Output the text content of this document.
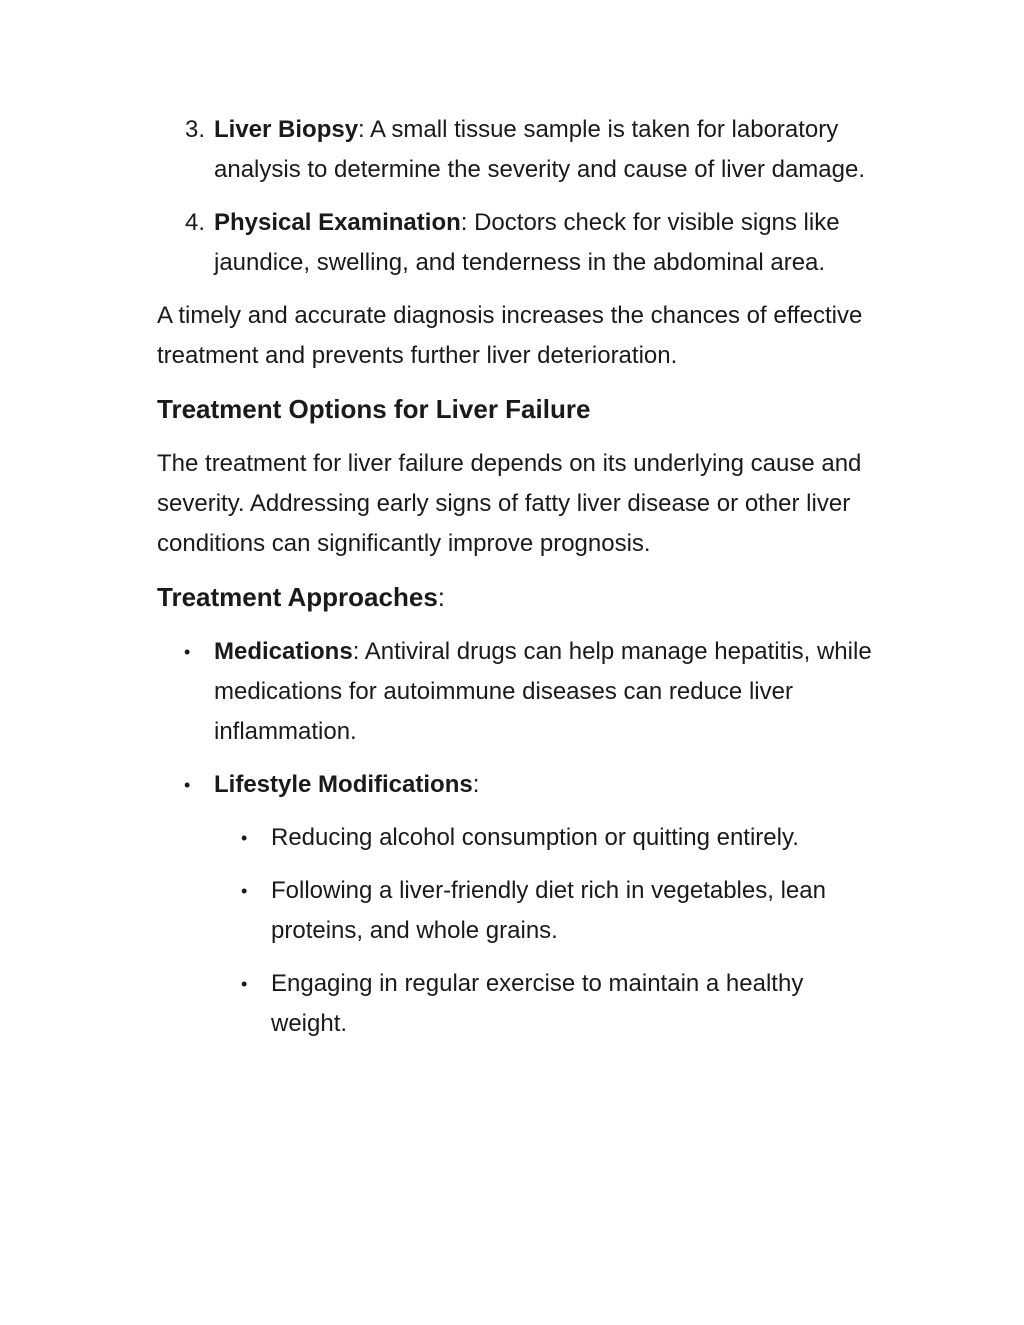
3. Liver Biopsy: A small tissue sample is taken for laboratory analysis to determine the severity and cause of liver damage.
4. Physical Examination: Doctors check for visible signs like jaundice, swelling, and tenderness in the abdominal area.

A timely and accurate diagnosis increases the chances of effective treatment and prevents further liver deterioration.

Treatment Options for Liver Failure

The treatment for liver failure depends on its underlying cause and severity. Addressing early signs of fatty liver disease or other liver conditions can significantly improve prognosis.

Treatment Approaches:
• Medications: Antiviral drugs can help manage hepatitis, while medications for autoimmune diseases can reduce liver inflammation.
• Lifestyle Modifications:
• Reducing alcohol consumption or quitting entirely.
• Following a liver-friendly diet rich in vegetables, lean proteins, and whole grains.
• Engaging in regular exercise to maintain a healthy weight.
